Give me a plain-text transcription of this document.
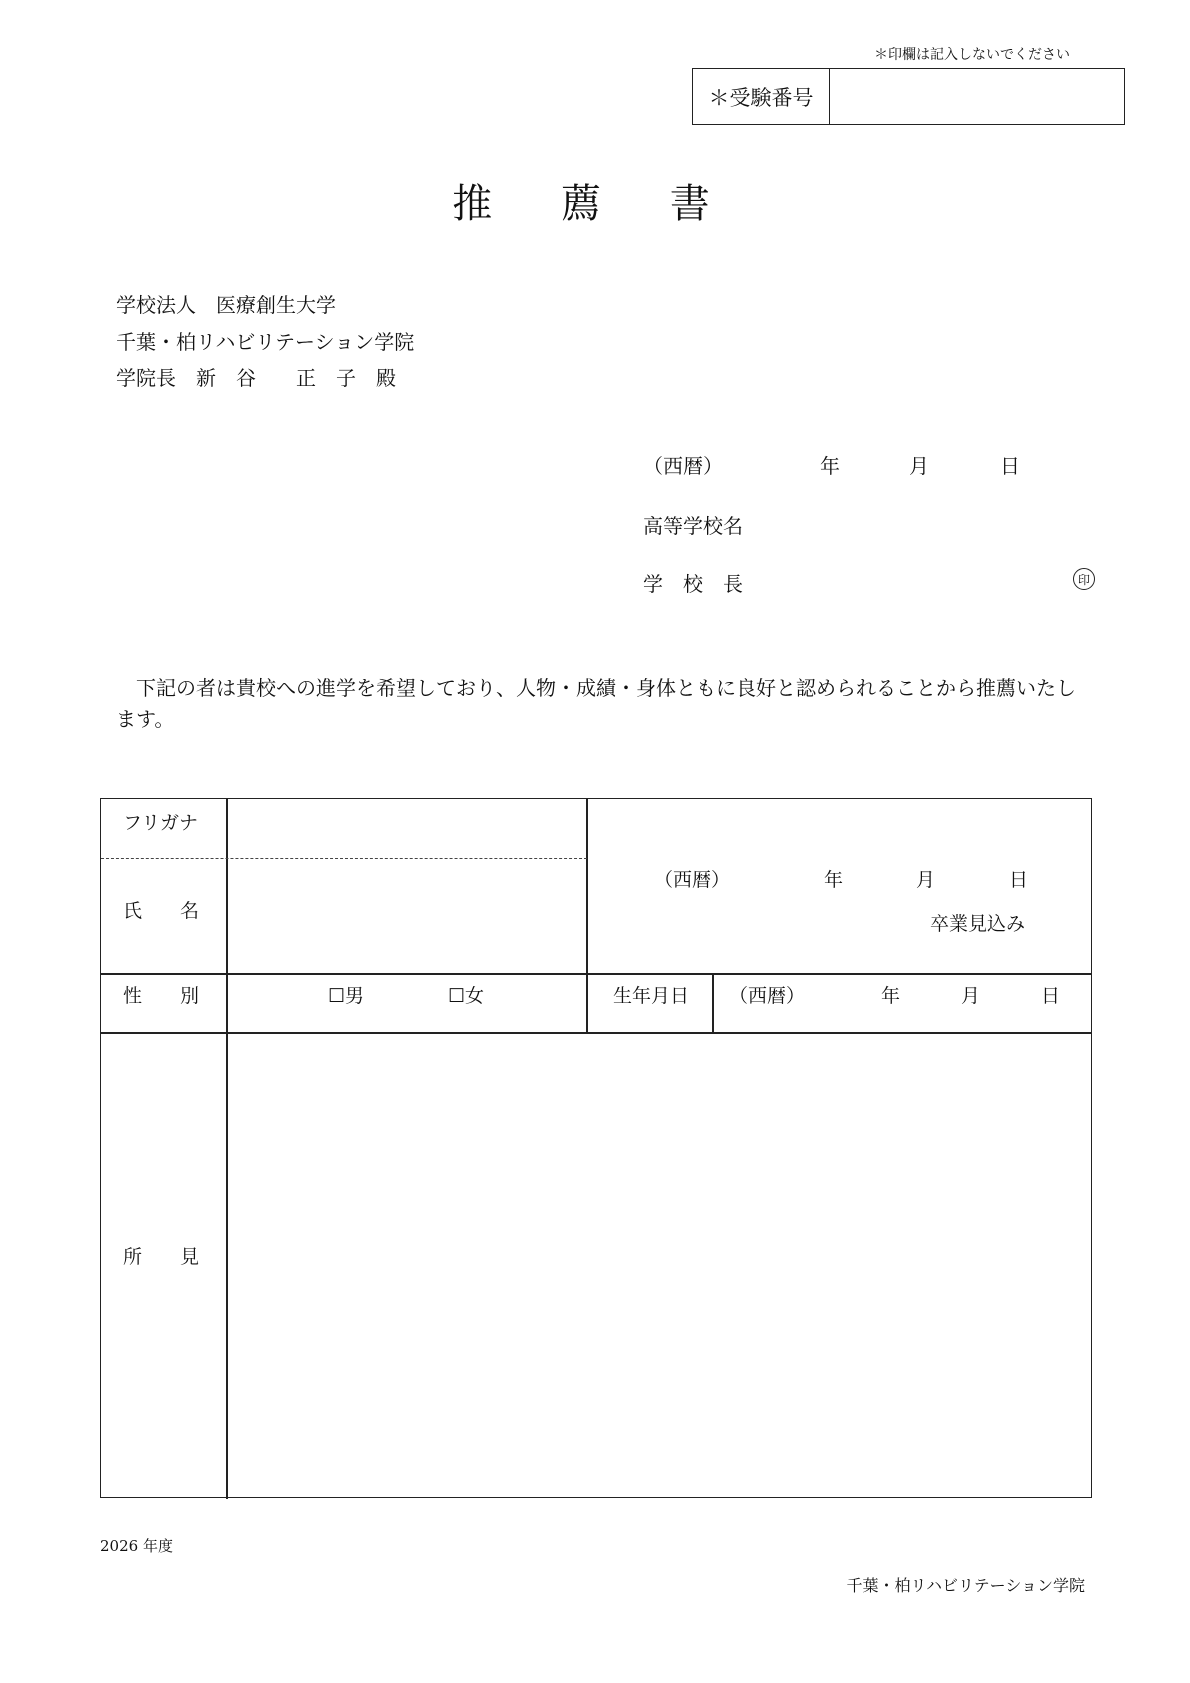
＊印欄は記入しないでください
＊受験番号
推 薦 書
学校法人　医療創生大学
千葉・柏リハビリテーション学院
学院長　新　谷　　正　子　殿
（西暦）	年	月	日
高等学校名
学　校　長	印
　下記の者は貴校への進学を希望しており、人物・成績・身体ともに良好と認められることから推薦いたします。
フリガナ
氏　　名
（西暦）	年	月	日
卒業見込み
性　　別	☐男	☐女	生年月日 （西暦）	年	月	日
所　　見
2026 年度
千葉・柏リハビリテーション学院
